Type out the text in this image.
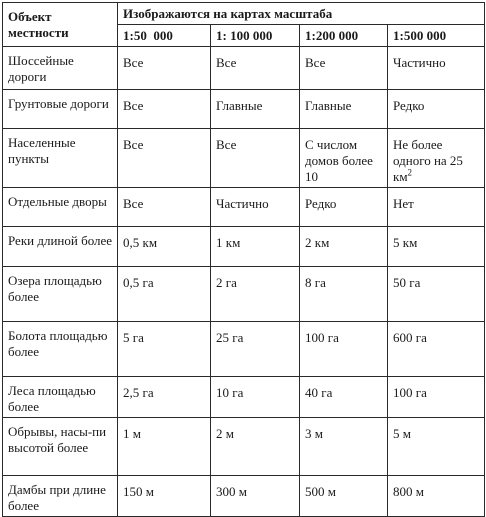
Объект местности	Изображаются на картах масштаба			

	1:50  000	1: 100 000	1:200 000	1:500 000

Шоссейные дороги	Все	Все	Все	Частично

Грунтовые дороги	Все	Главные	Главные	Редко

Населенные пункты	Все	Все	С числом домов более 10	Не более одного на 25 $км^2$

Отдельные дворы	Все	Частично	Редко	Нет

Реки длиной более	0,5 км	1 км	2 км	5 км

Озера площадью более	0,5 га	2 га	8 га	50 га

Болота площадью более	5 га	25 га	100 га	600 га

Леса площадью более	2,5 га	10 га	40 га	100 га

Обрывы, насы-пи высотой более	1 м	2 м	3 м	5 м

Дамбы при длине более	150 м	300 м	500 м	800 м
